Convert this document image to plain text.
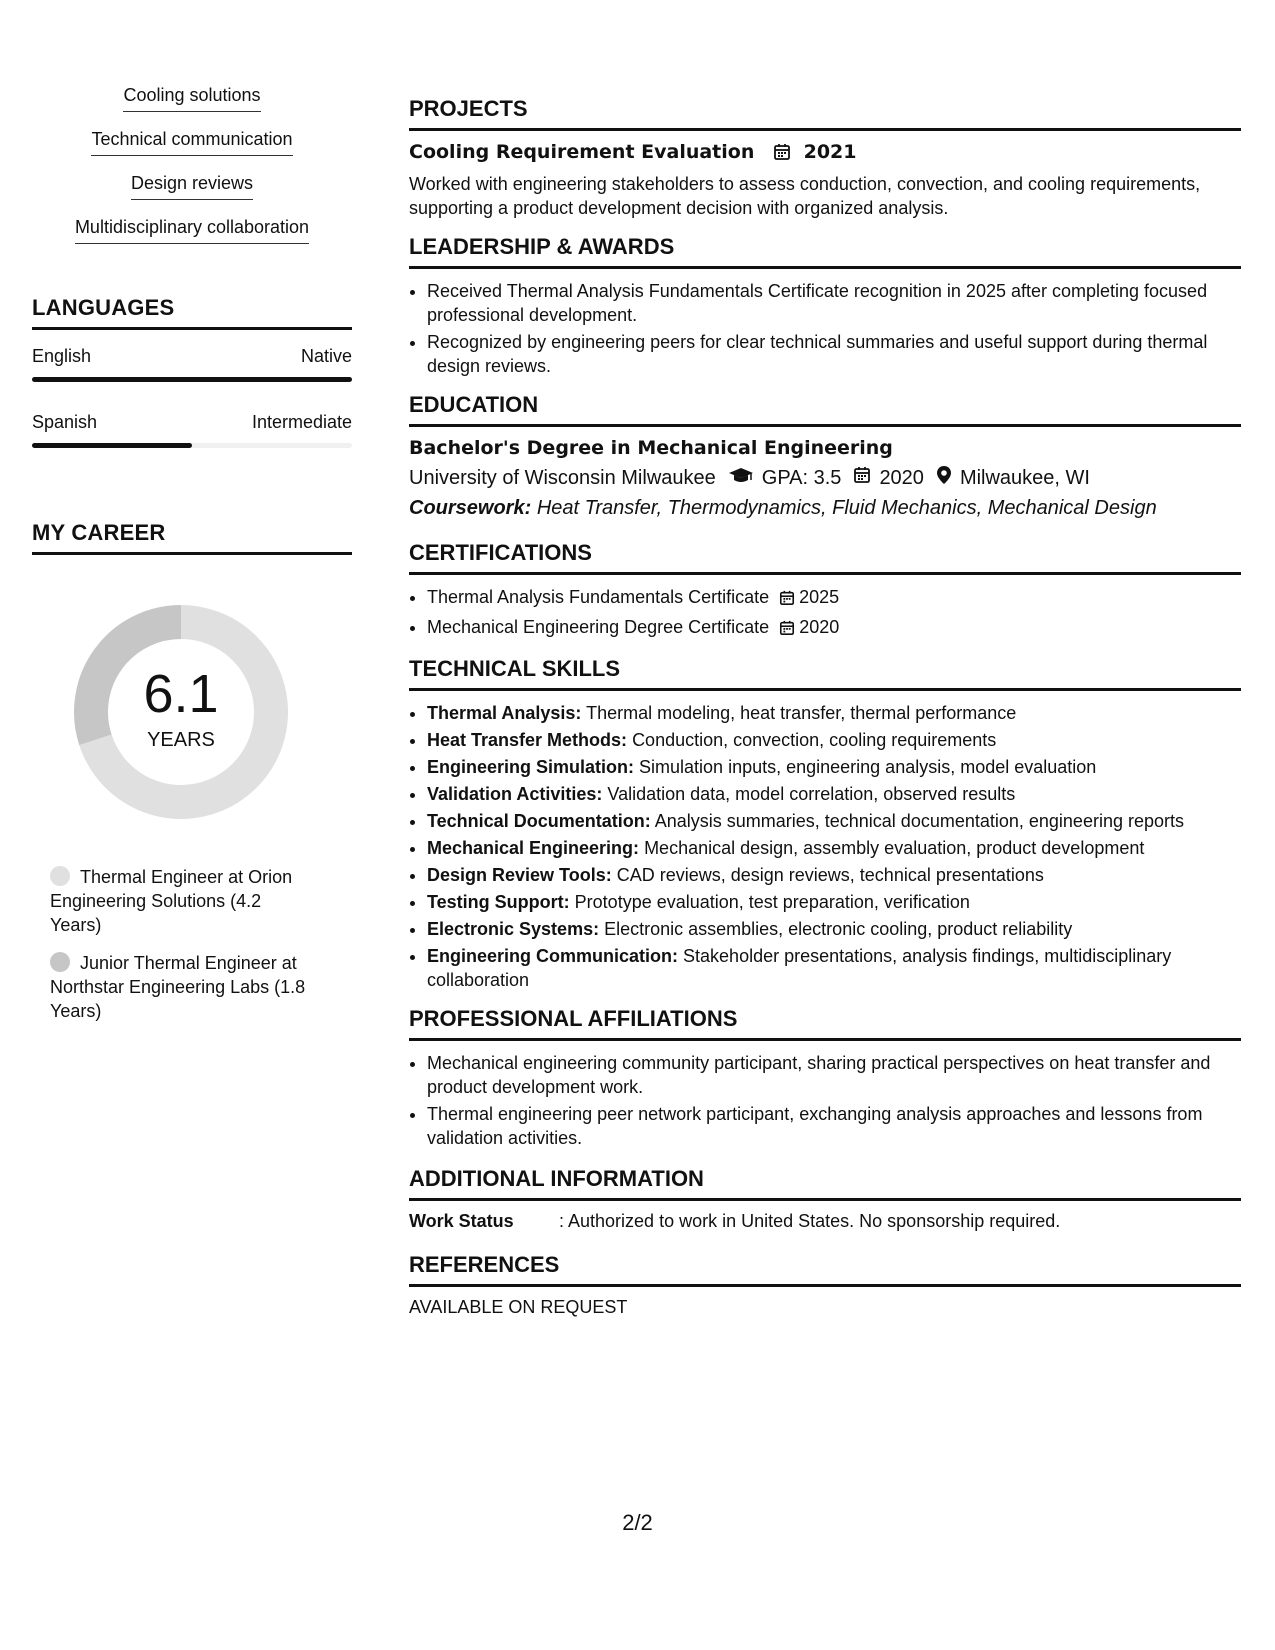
Cooling solutions
Technical communication
Design reviews
Multidisciplinary collaboration
LANGUAGES
English	Native
Spanish	Intermediate
MY CAREER
6.1
YEARS
Thermal Engineer at Orion Engineering Solutions (4.2 Years)
Junior Thermal Engineer at Northstar Engineering Labs (1.8 Years)
PROJECTS
Cooling Requirement Evaluation	2021
Worked with engineering stakeholders to assess conduction, convection, and cooling requirements, supporting a product development decision with organized analysis.
LEADERSHIP & AWARDS
• Received Thermal Analysis Fundamentals Certificate recognition in 2025 after completing focused professional development.
• Recognized by engineering peers for clear technical summaries and useful support during thermal design reviews.
EDUCATION
Bachelor's Degree in Mechanical Engineering
University of Wisconsin Milwaukee GPA: 3.5 2020 Milwaukee, WI
Coursework: Heat Transfer, Thermodynamics, Fluid Mechanics, Mechanical Design
CERTIFICATIONS
• Thermal Analysis Fundamentals Certificate 2025
• Mechanical Engineering Degree Certificate 2020
TECHNICAL SKILLS
• Thermal Analysis: Thermal modeling, heat transfer, thermal performance
• Heat Transfer Methods: Conduction, convection, cooling requirements
• Engineering Simulation: Simulation inputs, engineering analysis, model evaluation
• Validation Activities: Validation data, model correlation, observed results
• Technical Documentation: Analysis summaries, technical documentation, engineering reports
• Mechanical Engineering: Mechanical design, assembly evaluation, product development
• Design Review Tools: CAD reviews, design reviews, technical presentations
• Testing Support: Prototype evaluation, test preparation, verification
• Electronic Systems: Electronic assemblies, electronic cooling, product reliability
• Engineering Communication: Stakeholder presentations, analysis findings, multidisciplinary collaboration
PROFESSIONAL AFFILIATIONS
• Mechanical engineering community participant, sharing practical perspectives on heat transfer and product development work.
• Thermal engineering peer network participant, exchanging analysis approaches and lessons from validation activities.
ADDITIONAL INFORMATION
Work Status	: Authorized to work in United States. No sponsorship required.
REFERENCES
AVAILABLE ON REQUEST
2/2
